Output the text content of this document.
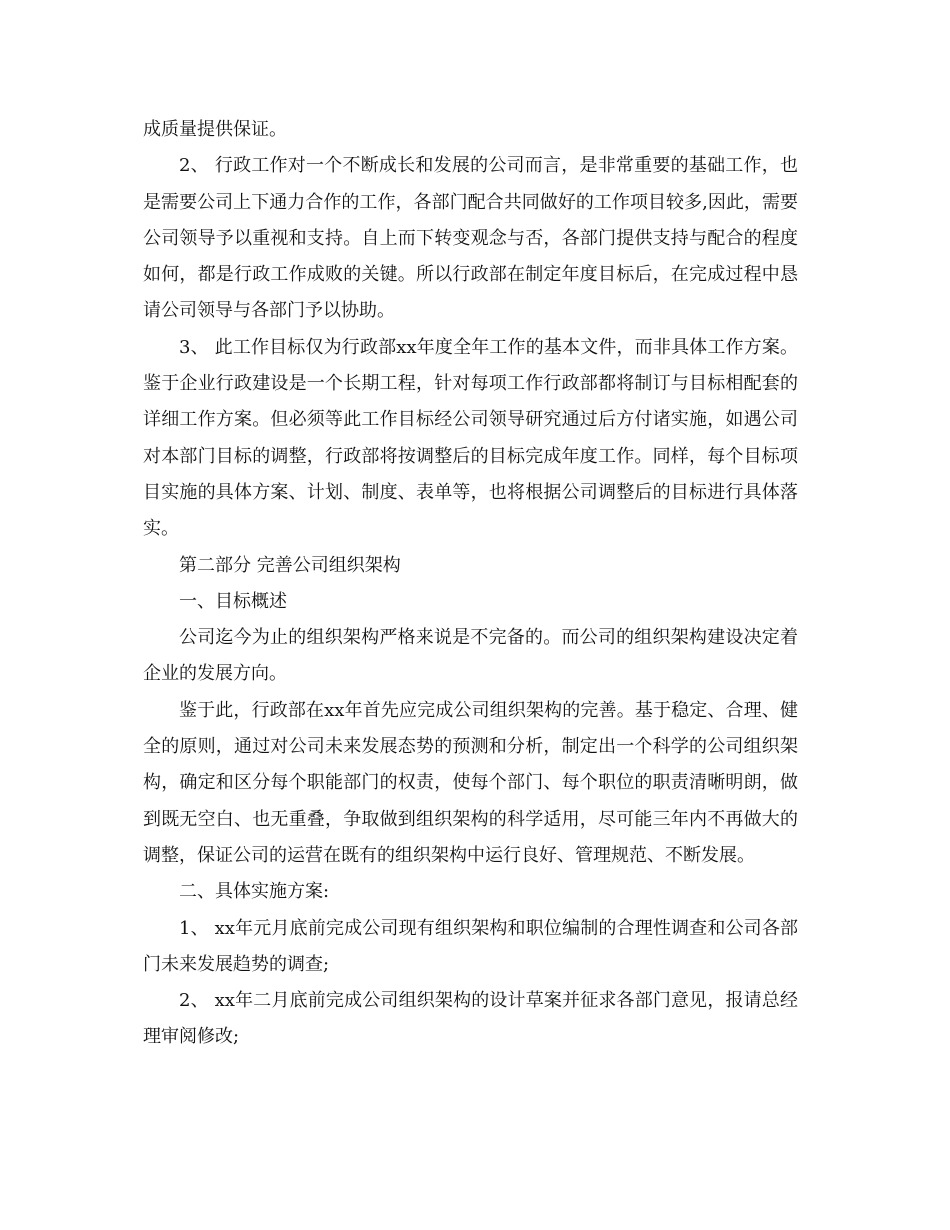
成质量提供保证。

2、 行政工作对一个不断成长和发展的公司而言，是非常重要的基础工作，也是需要公司上下通力合作的工作，各部门配合共同做好的工作项目较多,因此，需要公司领导予以重视和支持。自上而下转变观念与否，各部门提供支持与配合的程度如何，都是行政工作成败的关键。所以行政部在制定年度目标后，在完成过程中恳请公司领导与各部门予以协助。

3、 此工作目标仅为行政部xx年度全年工作的基本文件，而非具体工作方案。鉴于企业行政建设是一个长期工程，针对每项工作行政部都将制订与目标相配套的详细工作方案。但必须等此工作目标经公司领导研究通过后方付诸实施，如遇公司对本部门目标的调整，行政部将按调整后的目标完成年度工作。同样，每个目标项目实施的具体方案、计划、制度、表单等，也将根据公司调整后的目标进行具体落实。

第二部分 完善公司组织架构

一、目标概述

公司迄今为止的组织架构严格来说是不完备的。而公司的组织架构建设决定着企业的发展方向。

鉴于此，行政部在xx年首先应完成公司组织架构的完善。基于稳定、合理、健全的原则，通过对公司未来发展态势的预测和分析，制定出一个科学的公司组织架构，确定和区分每个职能部门的权责，使每个部门、每个职位的职责清晰明朗，做到既无空白、也无重叠，争取做到组织架构的科学适用，尽可能三年内不再做大的调整，保证公司的运营在既有的组织架构中运行良好、管理规范、不断发展。

二、具体实施方案:

1、 xx年元月底前完成公司现有组织架构和职位编制的合理性调查和公司各部门未来发展趋势的调查;

2、 xx年二月底前完成公司组织架构的设计草案并征求各部门意见，报请总经理审阅修改;
